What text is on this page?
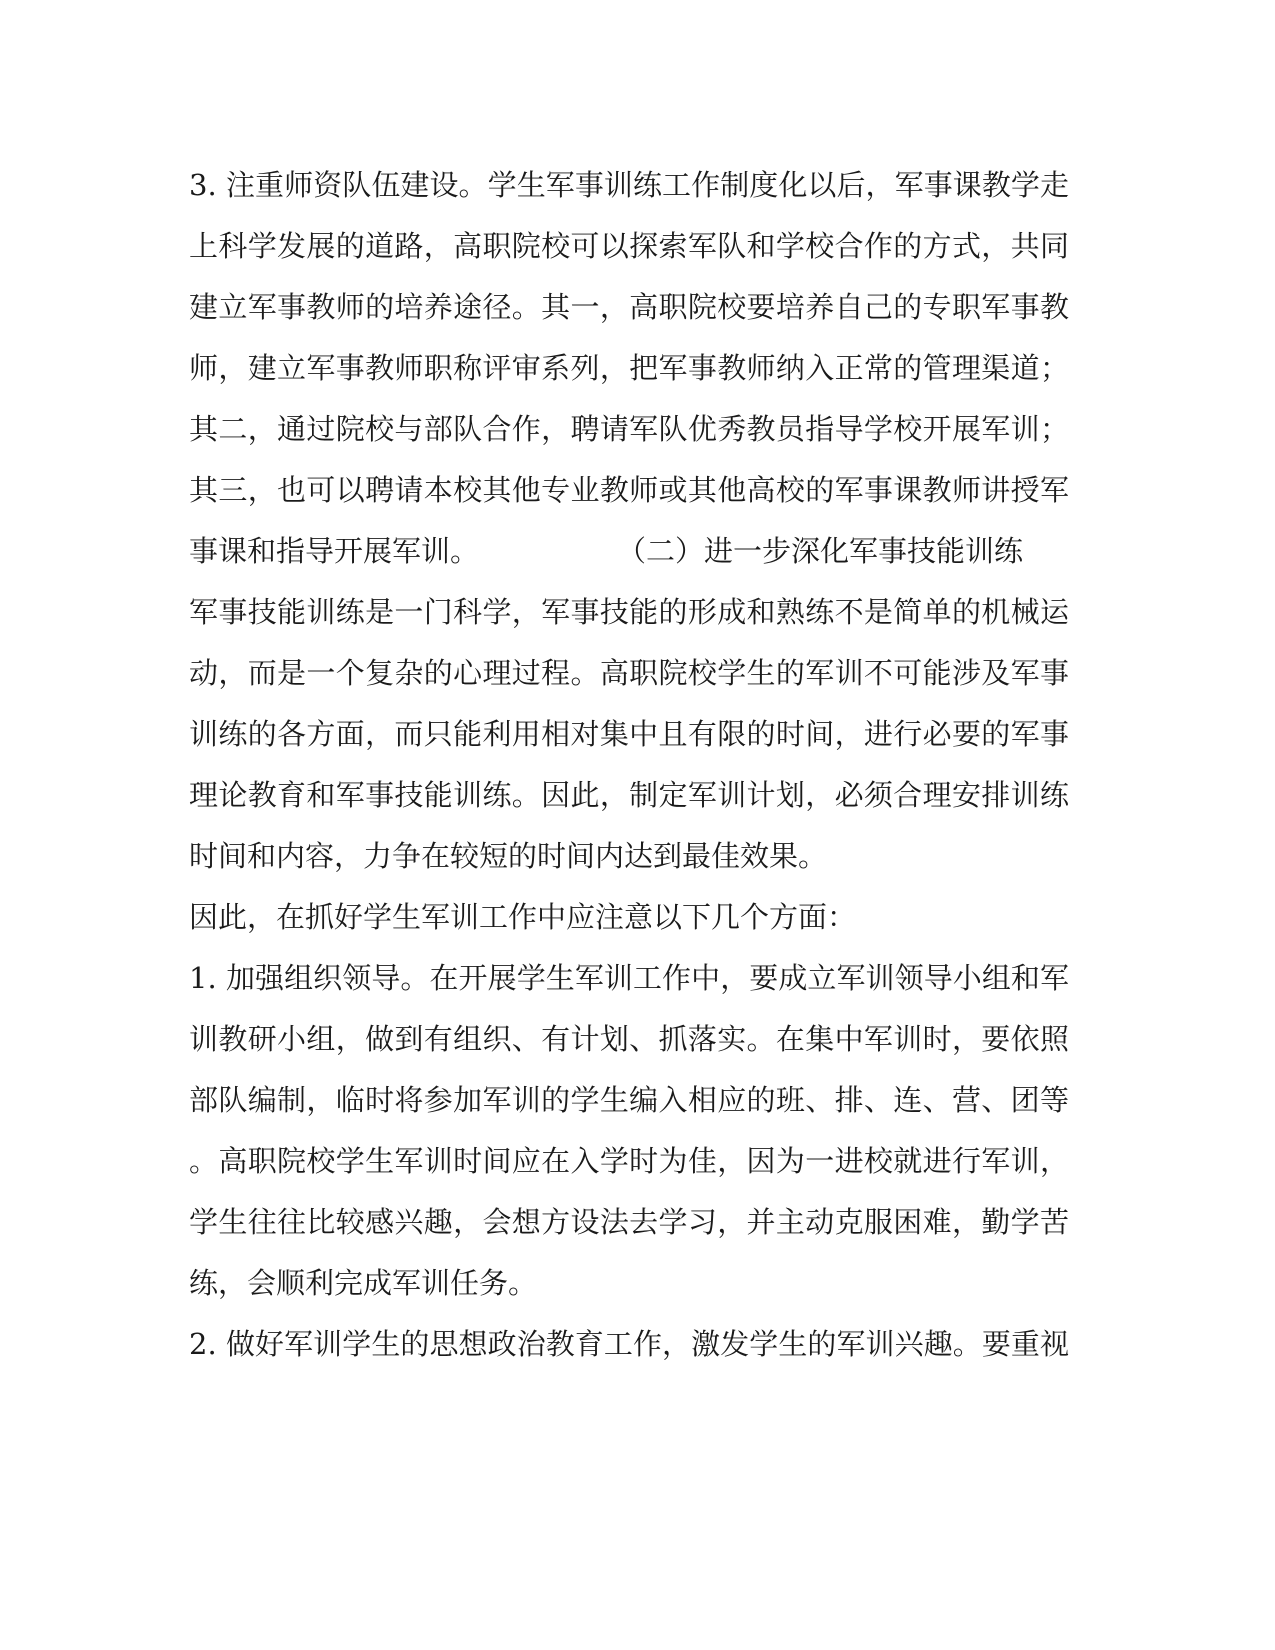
3. 注重师资队伍建设。学生军事训练工作制度化以后，军事课教学走
上科学发展的道路，高职院校可以探索军队和学校合作的方式，共同
建立军事教师的培养途径。其一，高职院校要培养自己的专职军事教
师，建立军事教师职称评审系列，把军事教师纳入正常的管理渠道；
其二，通过院校与部队合作，聘请军队优秀教员指导学校开展军训；
其三，也可以聘请本校其他专业教师或其他高校的军事课教师讲授军
事课和指导开展军训。	（二）进一步深化军事技能训练
军事技能训练是一门科学，军事技能的形成和熟练不是简单的机械运
动，而是一个复杂的心理过程。高职院校学生的军训不可能涉及军事
训练的各方面，而只能利用相对集中且有限的时间，进行必要的军事
理论教育和军事技能训练。因此，制定军训计划，必须合理安排训练
时间和内容，力争在较短的时间内达到最佳效果。
因此，在抓好学生军训工作中应注意以下几个方面：
1. 加强组织领导。在开展学生军训工作中，要成立军训领导小组和军
训教研小组，做到有组织、有计划、抓落实。在集中军训时，要依照
部队编制，临时将参加军训的学生编入相应的班、排、连、营、团等
。高职院校学生军训时间应在入学时为佳，因为一进校就进行军训，
学生往往比较感兴趣，会想方设法去学习，并主动克服困难，勤学苦
练，会顺利完成军训任务。
2. 做好军训学生的思想政治教育工作，激发学生的军训兴趣。要重视
